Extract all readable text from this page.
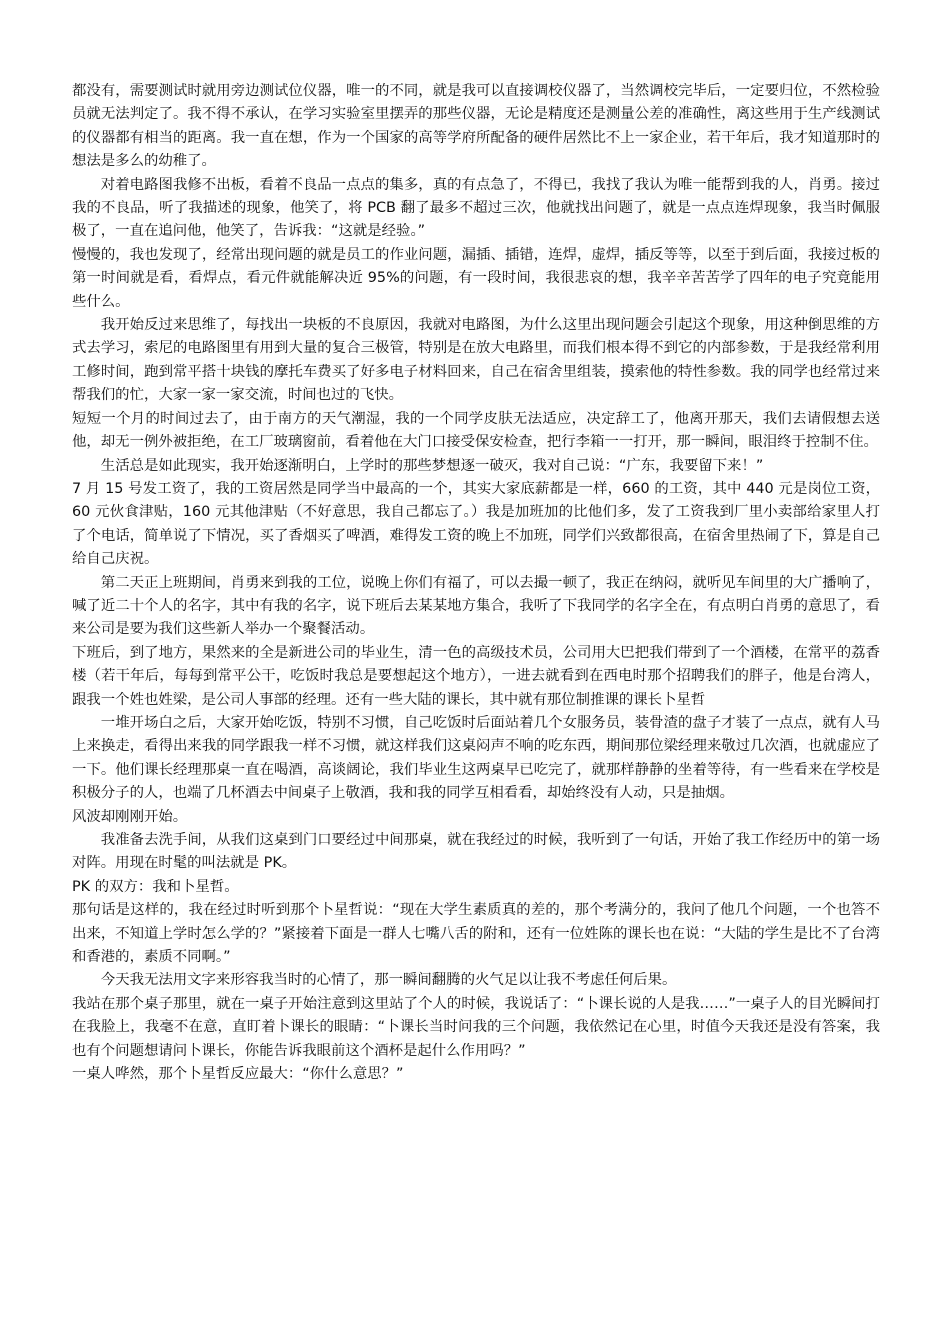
都没有，需要测试时就用旁边测试位仪器，唯一的不同，就是我可以直接调校仪器了，当然调校完毕后，一定要归位，不然检验员就无法判定了。我不得不承认，在学习实验室里摆弄的那些仪器，无论是精度还是测量公差的准确性，离这些用于生产线测试的仪器都有相当的距离。我一直在想，作为一个国家的高等学府所配备的硬件居然比不上一家企业，若干年后，我才知道那时的想法是多么的幼稚了。

对着电路图我修不出板，看着不良品一点点的集多，真的有点急了，不得已，我找了我认为唯一能帮到我的人，肖勇。接过我的不良品，听了我描述的现象，他笑了，将 PCB 翻了最多不超过三次，他就找出问题了，就是一点点连焊现象，我当时佩服极了，一直在追问他，他笑了，告诉我：“这就是经验。”

慢慢的，我也发现了，经常出现问题的就是员工的作业问题，漏插、插错，连焊，虚焊，插反等等，以至于到后面，我接过板的第一时间就是看，看焊点，看元件就能解决近 95%的问题，有一段时间，我很悲哀的想，我辛辛苦苦学了四年的电子究竟能用些什么。

我开始反过来思维了，每找出一块板的不良原因，我就对电路图，为什么这里出现问题会引起这个现象，用这种倒思维的方式去学习，索尼的电路图里有用到大量的复合三极管，特别是在放大电路里，而我们根本得不到它的内部参数，于是我经常利用工修时间，跑到常平搭十块钱的摩托车费买了好多电子材料回来，自己在宿舍里组装，摸索他的特性参数。我的同学也经常过来帮我们的忙，大家一家一家交流，时间也过的飞快。

短短一个月的时间过去了，由于南方的天气潮湿，我的一个同学皮肤无法适应，决定辞工了，他离开那天，我们去请假想去送他，却无一例外被拒绝，在工厂玻璃窗前，看着他在大门口接受保安检查，把行李箱一一打开，那一瞬间，眼泪终于控制不住。

生活总是如此现实，我开始逐渐明白，上学时的那些梦想逐一破灭，我对自己说：“广东，我要留下来！”

7 月 15 号发工资了，我的工资居然是同学当中最高的一个，其实大家底薪都是一样，660 的工资，其中 440 元是岗位工资，60 元伙食津贴，160 元其他津贴（不好意思，我自己都忘了。）我是加班加的比他们多，发了工资我到厂里小卖部给家里人打了个电话，简单说了下情况，买了香烟买了啤酒，难得发工资的晚上不加班，同学们兴致都很高，在宿舍里热闹了下，算是自己给自己庆祝。

第二天正上班期间，肖勇来到我的工位，说晚上你们有福了，可以去撮一顿了，我正在纳闷，就听见车间里的大广播响了，喊了近二十个人的名字，其中有我的名字，说下班后去某某地方集合，我听了下我同学的名字全在，有点明白肖勇的意思了，看来公司是要为我们这些新人举办一个聚餐活动。

下班后，到了地方，果然来的全是新进公司的毕业生，清一色的高级技术员，公司用大巴把我们带到了一个酒楼，在常平的荔香楼（若干年后，每每到常平公干，吃饭时我总是要想起这个地方），一进去就看到在西电时那个招聘我们的胖子，他是台湾人，跟我一个姓也姓梁，是公司人事部的经理。还有一些大陆的课长，其中就有那位制推课的课长卜星哲

一堆开场白之后，大家开始吃饭，特别不习惯，自己吃饭时后面站着几个女服务员，装骨渣的盘子才装了一点点，就有人马上来换走，看得出来我的同学跟我一样不习惯，就这样我们这桌闷声不响的吃东西，期间那位梁经理来敬过几次酒，也就虚应了一下。他们课长经理那桌一直在喝酒，高谈阔论，我们毕业生这两桌早已吃完了，就那样静静的坐着等待，有一些看来在学校是积极分子的人，也端了几杯酒去中间桌子上敬酒，我和我的同学互相看看，却始终没有人动，只是抽烟。

风波却刚刚开始。

我准备去洗手间，从我们这桌到门口要经过中间那桌，就在我经过的时候，我听到了一句话，开始了我工作经历中的第一场对阵。用现在时髦的叫法就是 PK。

PK 的双方：我和卜星哲。

那句话是这样的，我在经过时听到那个卜星哲说：“现在大学生素质真的差的，那个考满分的，我问了他几个问题，一个也答不出来，不知道上学时怎么学的？”紧接着下面是一群人七嘴八舌的附和，还有一位姓陈的课长也在说：“大陆的学生是比不了台湾和香港的，素质不同啊。”

今天我无法用文字来形容我当时的心情了，那一瞬间翻腾的火气足以让我不考虑任何后果。

我站在那个桌子那里，就在一桌子开始注意到这里站了个人的时候，我说话了：“卜课长说的人是我……”一桌子人的目光瞬间打在我脸上，我毫不在意，直盯着卜课长的眼睛：“卜课长当时问我的三个问题，我依然记在心里，时值今天我还是没有答案，我也有个问题想请问卜课长，你能告诉我眼前这个酒杯是起什么作用吗？”

一桌人哗然，那个卜星哲反应最大：“你什么意思？”
